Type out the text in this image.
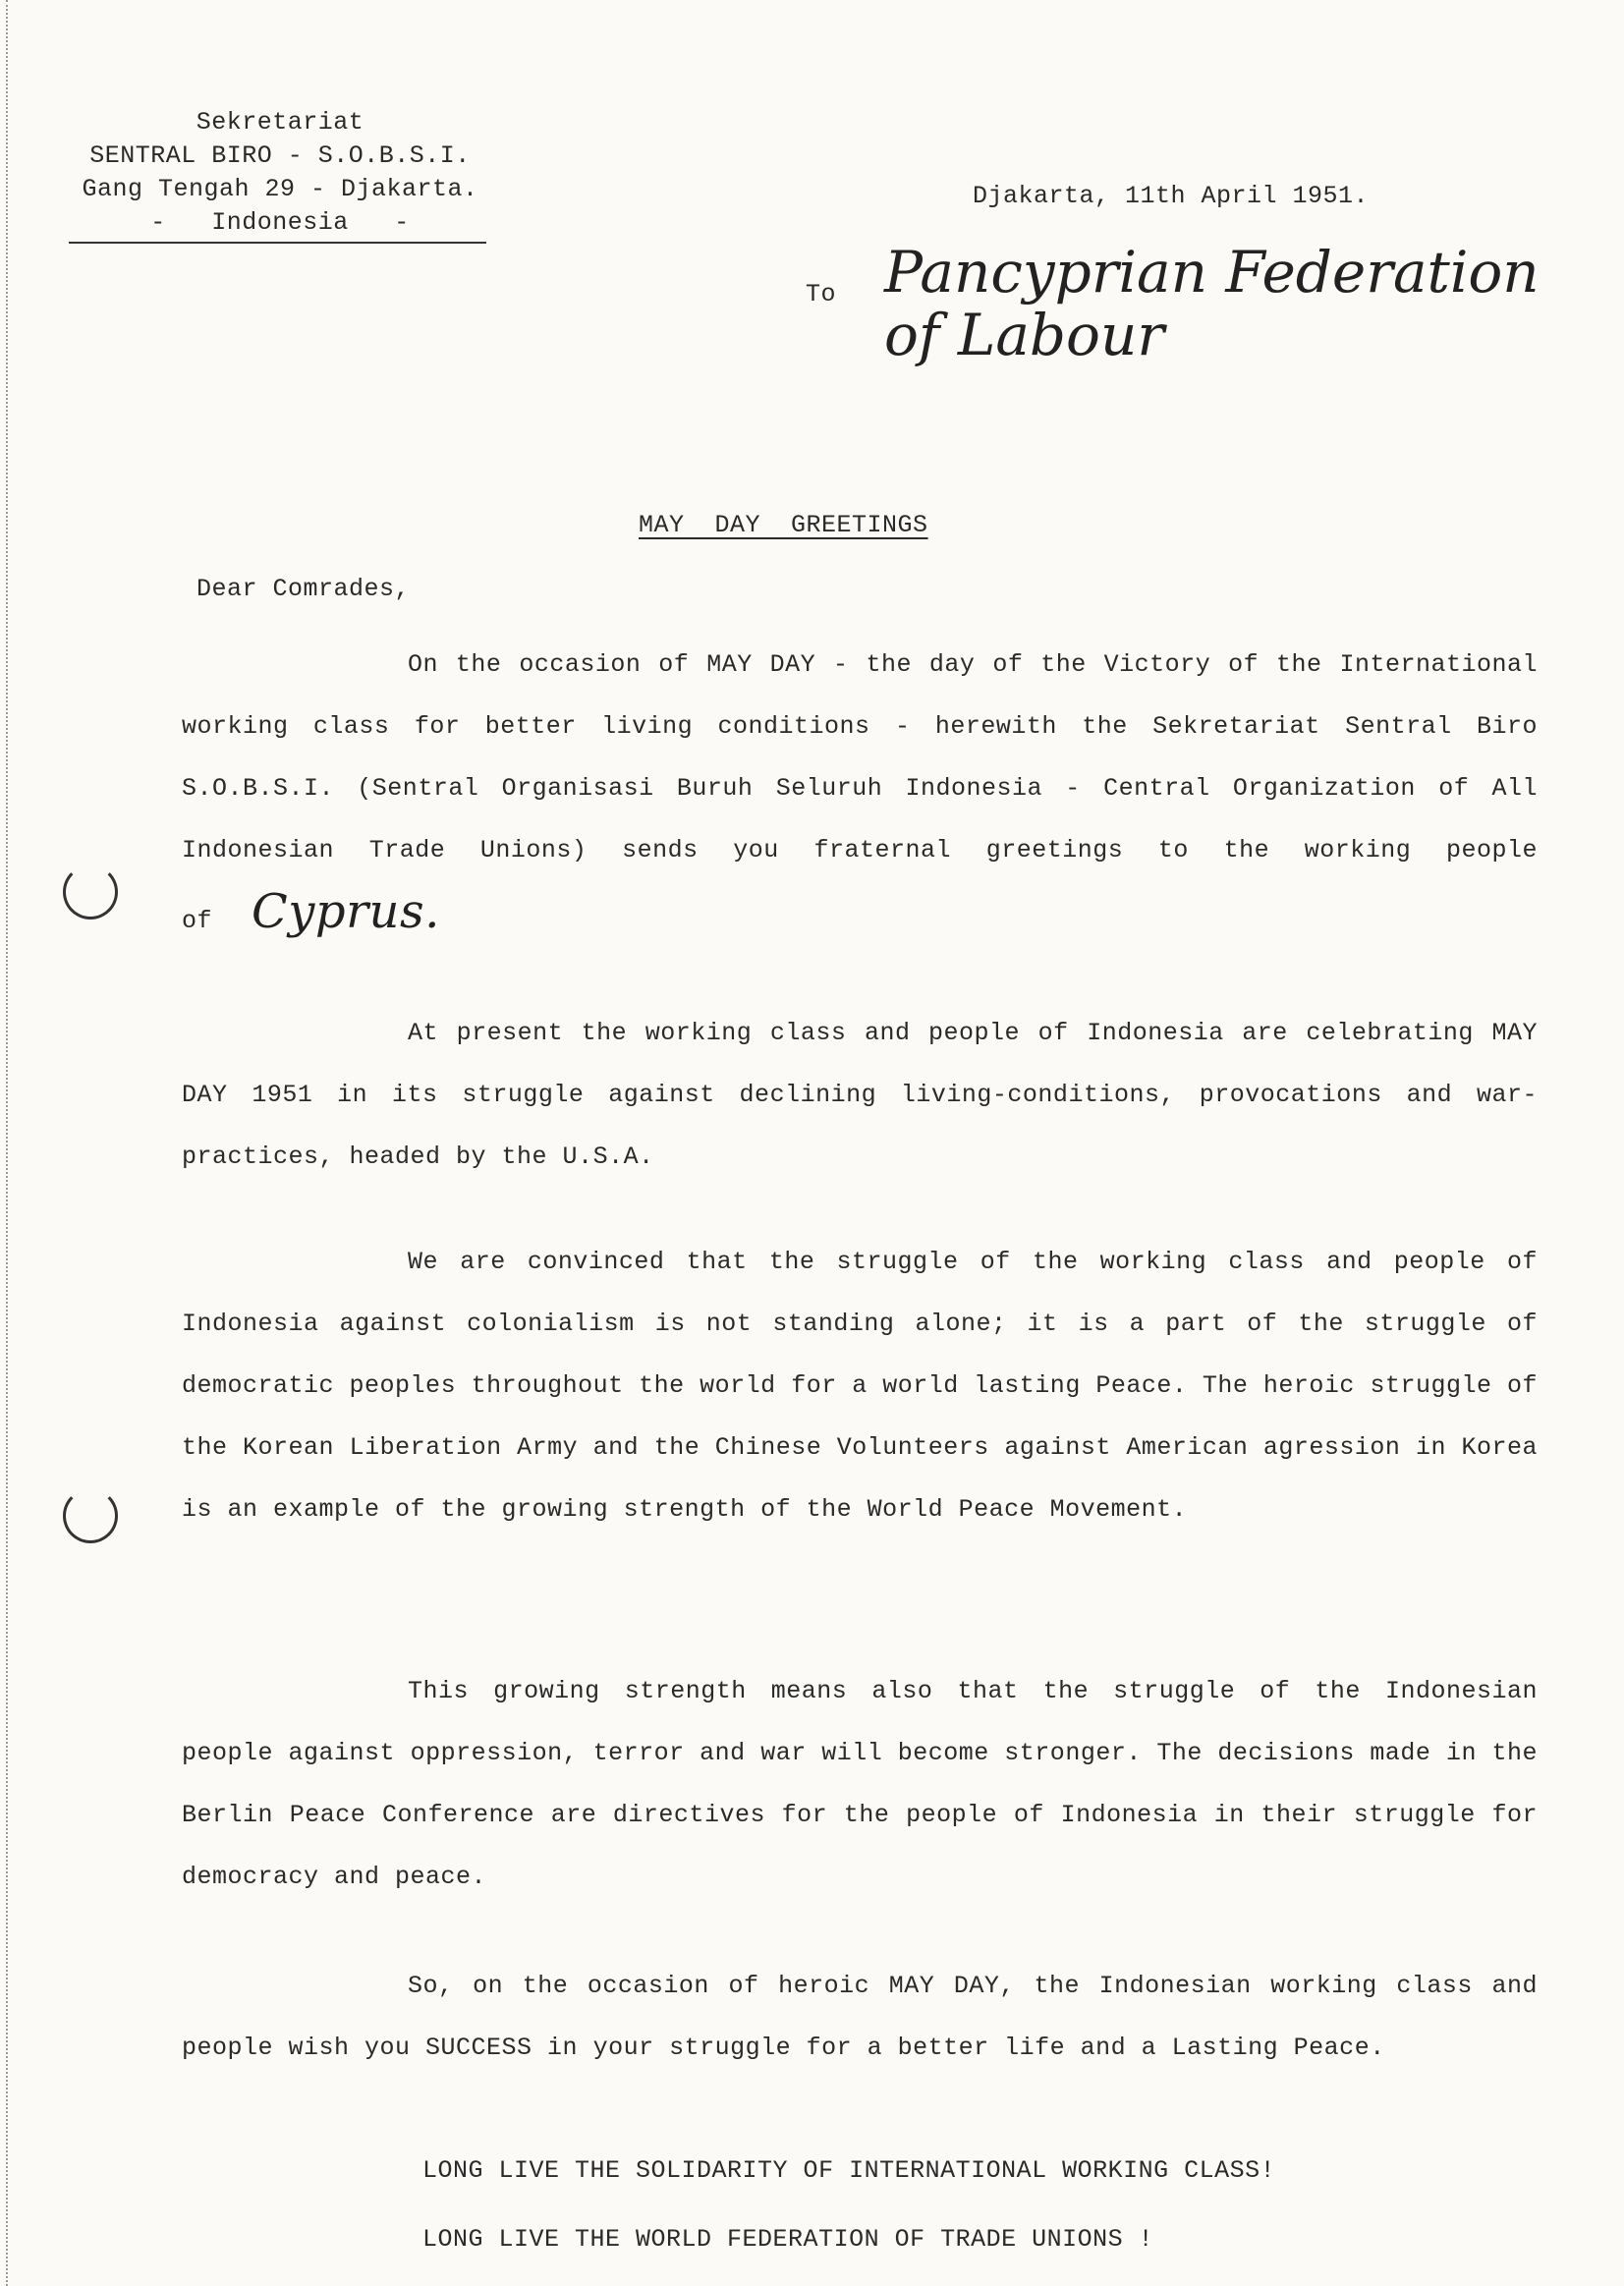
Sekretariat
SENTRAL BIRO - S.O.B.S.I.
Gang Tengah 29 - Djakarta.
-   Indonesia   -
Djakarta, 11th April 1951.
To Pancyprian Federation of Labour
MAY  DAY  GREETINGS
Dear Comrades,
On the occasion of MAY DAY - the day of the Victory of the International working class for better living conditions - herewith the Sekretariat Sentral Biro S.O.B.S.I. (Sentral Organisasi Buruh Seluruh Indonesia - Central Organization of All Indonesian Trade Unions) sends you fraternal greetings to the working people of Cyprus.
At present the working class and people of Indonesia are celebrating MAY DAY 1951 in its struggle against declining living-conditions, provocations and war-practices, headed by the U.S.A.
We are convinced that the struggle of the working class and people of Indonesia against colonialism is not standing alone; it is a part of the struggle of democratic peoples throughout the world for a world lasting Peace. The heroic struggle of the Korean Liberation Army and the Chinese Volunteers against American agression in Korea is an example of the growing strength of the World Peace Movement.
This growing strength means also that the struggle of the Indonesian people against oppression, terror and war will become stronger. The decisions made in the Berlin Peace Conference are directives for the people of Indonesia in their struggle for democracy and peace.
So, on the occasion of heroic MAY DAY, the Indonesian working class and people wish you SUCCESS in your struggle for a better life and a Lasting Peace.
LONG LIVE THE SOLIDARITY OF INTERNATIONAL WORKING CLASS!
LONG LIVE THE WORLD FEDERATION OF TRADE UNIONS !
